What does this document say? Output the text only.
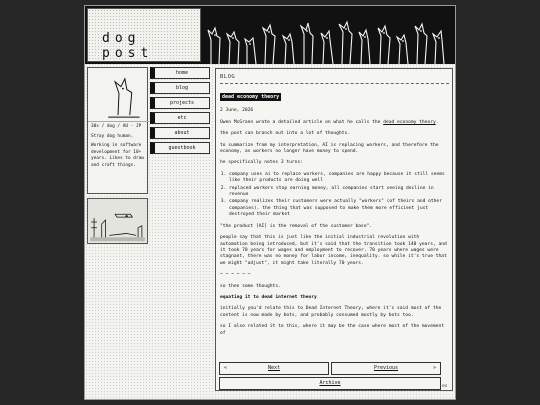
dog post

30s / dog / AU - JP

Stray dog human.

Working in software development for 10+ years. Likes to draw and craft things.

home
blog
projects
etc
about
guestbook
BLOG
dead economy theory

2 June, 2026

Owen McGrann wrote a detailed article on what he calls the dead economy theory.

the post can branch out into a lot of thoughts.

to summarize from my interpretation, AI is replacing workers, and therefore the economy, as workers no longer have money to spend.

he specifically notes 3 turns:

1. company uses ai to replace workers, companies are happy because it still seems like their products are doing well
2. replaced workers stop earning money, all companies start seeing decline in revenue
3. company realizes their customers were actually "workers" (of theirs and other companies). the thing that was supposed to make them more efficient just destroyed their market

"the product [AI] is the removal of the customer base".

people say that this is just like the initial industrial revolution with automation being introduced, but it's said that the transition took 140 years, and it took 70 years for wages and employment to recover. 70 years where wages were stagnant, there was no money for labor income, inequality. so while it's true that we might "adjust", it might take literally 70 years.

~ ~ ~ ~ ~ ~

so then some thoughts.

equating it to dead internet theory

initially you'd relate this to Dead Internet Theory, where it's said most of the content is now made by bots, and probably consumed mostly by bots too.

so I also related it to this, where it may be the case where most of the movement of

«	Next	Previous	»
Archive
es
